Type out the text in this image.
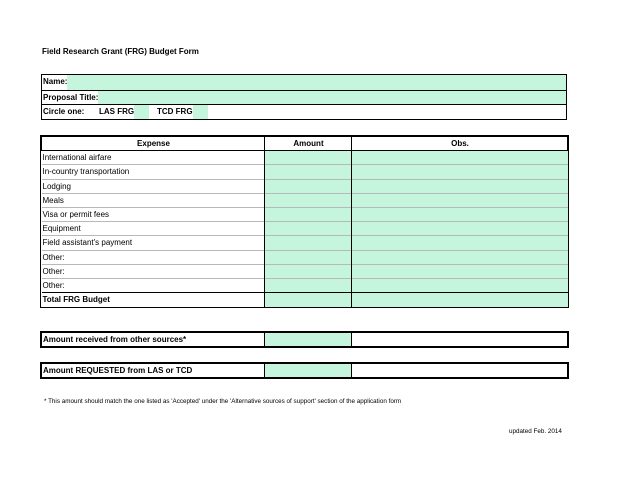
Field Research Grant (FRG) Budget Form
Name:
Proposal Title:
Circle one:	LAS FRG	TCD FRG
Expense	Amount	Obs.
International airfare		
In-country transportation		
Lodging		
Meals		
Visa or permit fees		
Equipment		
Field assistant's payment		
Other:		
Other:		
Other:		
Total FRG Budget		
Amount received from other sources*		
Amount REQUESTED from LAS or TCD		
* This amount should match the one listed as 'Accepted' under the 'Alternative sources of support' section of the application form
updated Feb. 2014
